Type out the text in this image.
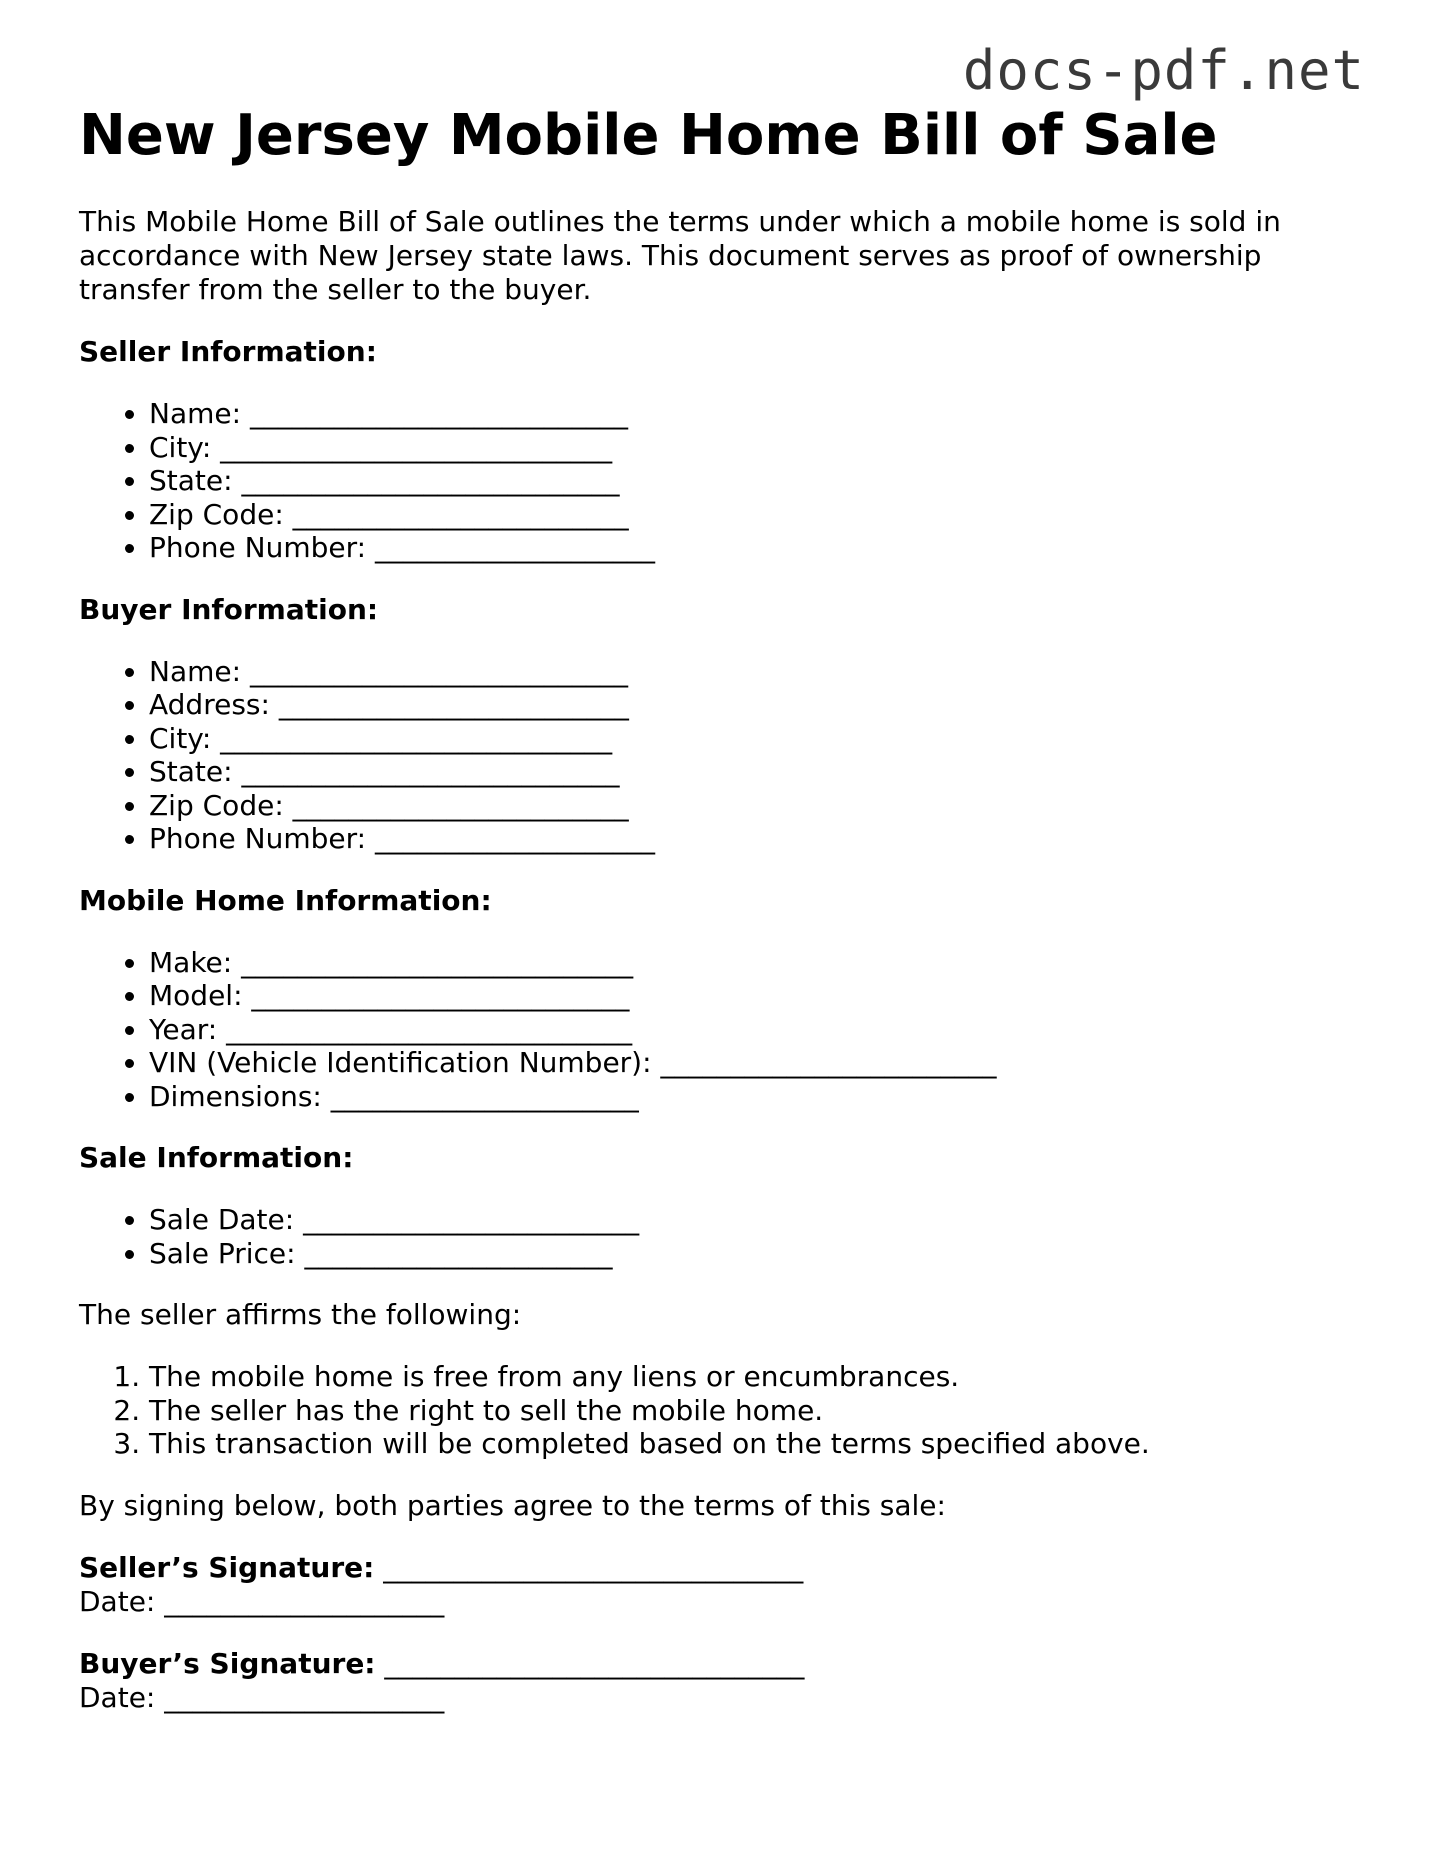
docs-pdf.net
New Jersey Mobile Home Bill of Sale

This Mobile Home Bill of Sale outlines the terms under which a mobile home is sold in accordance with New Jersey state laws. This document serves as proof of ownership transfer from the seller to the buyer.

Seller Information:
• Name: ___________________________
• City: ____________________________
• State: ___________________________
• Zip Code: ________________________
• Phone Number: ____________________
Buyer Information:
• Name: ___________________________
• Address: _________________________
• City: ____________________________
• State: ___________________________
• Zip Code: ________________________
• Phone Number: ____________________
Mobile Home Information:
• Make: ____________________________
• Model: ___________________________
• Year: _____________________________
• VIN (Vehicle Identification Number): ________________________
• Dimensions: ______________________
Sale Information:
• Sale Date: ________________________
• Sale Price: ______________________

The seller affirms the following:

1. The mobile home is free from any liens or encumbrances.
2. The seller has the right to sell the mobile home.
3. This transaction will be completed based on the terms specified above.

By signing below, both parties agree to the terms of this sale:

Seller’s Signature: ______________________________
Date: ____________________
Buyer’s Signature: ______________________________
Date: ____________________
